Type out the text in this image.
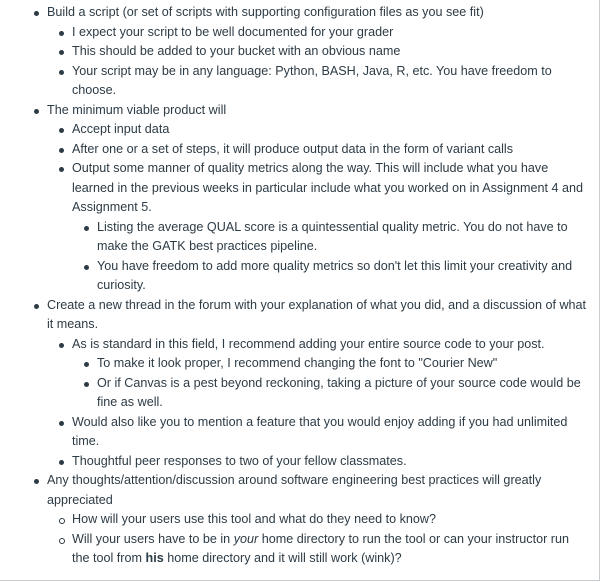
Build a script (or set of scripts with supporting configuration files as you see fit)
I expect your script to be well documented for your grader
This should be added to your bucket with an obvious name
Your script may be in any language: Python, BASH, Java, R, etc. You have freedom to choose.
The minimum viable product will
Accept input data
After one or a set of steps, it will produce output data in the form of variant calls
Output some manner of quality metrics along the way. This will include what you have learned in the previous weeks in particular include what you worked on in Assignment 4 and Assignment 5.
Listing the average QUAL score is a quintessential quality metric. You do not have to make the GATK best practices pipeline.
You have freedom to add more quality metrics so don't let this limit your creativity and curiosity.
Create a new thread in the forum with your explanation of what you did, and a discussion of what it means.
As is standard in this field, I recommend adding your entire source code to your post.
To make it look proper, I recommend changing the font to "Courier New"
Or if Canvas is a pest beyond reckoning, taking a picture of your source code would be fine as well.
Would also like you to mention a feature that you would enjoy adding if you had unlimited time.
Thoughtful peer responses to two of your fellow classmates.
Any thoughts/attention/discussion around software engineering best practices will greatly appreciated
How will your users use this tool and what do they need to know?
Will your users have to be in your home directory to run the tool or can your instructor run the tool from his home directory and it will still work (wink)?
